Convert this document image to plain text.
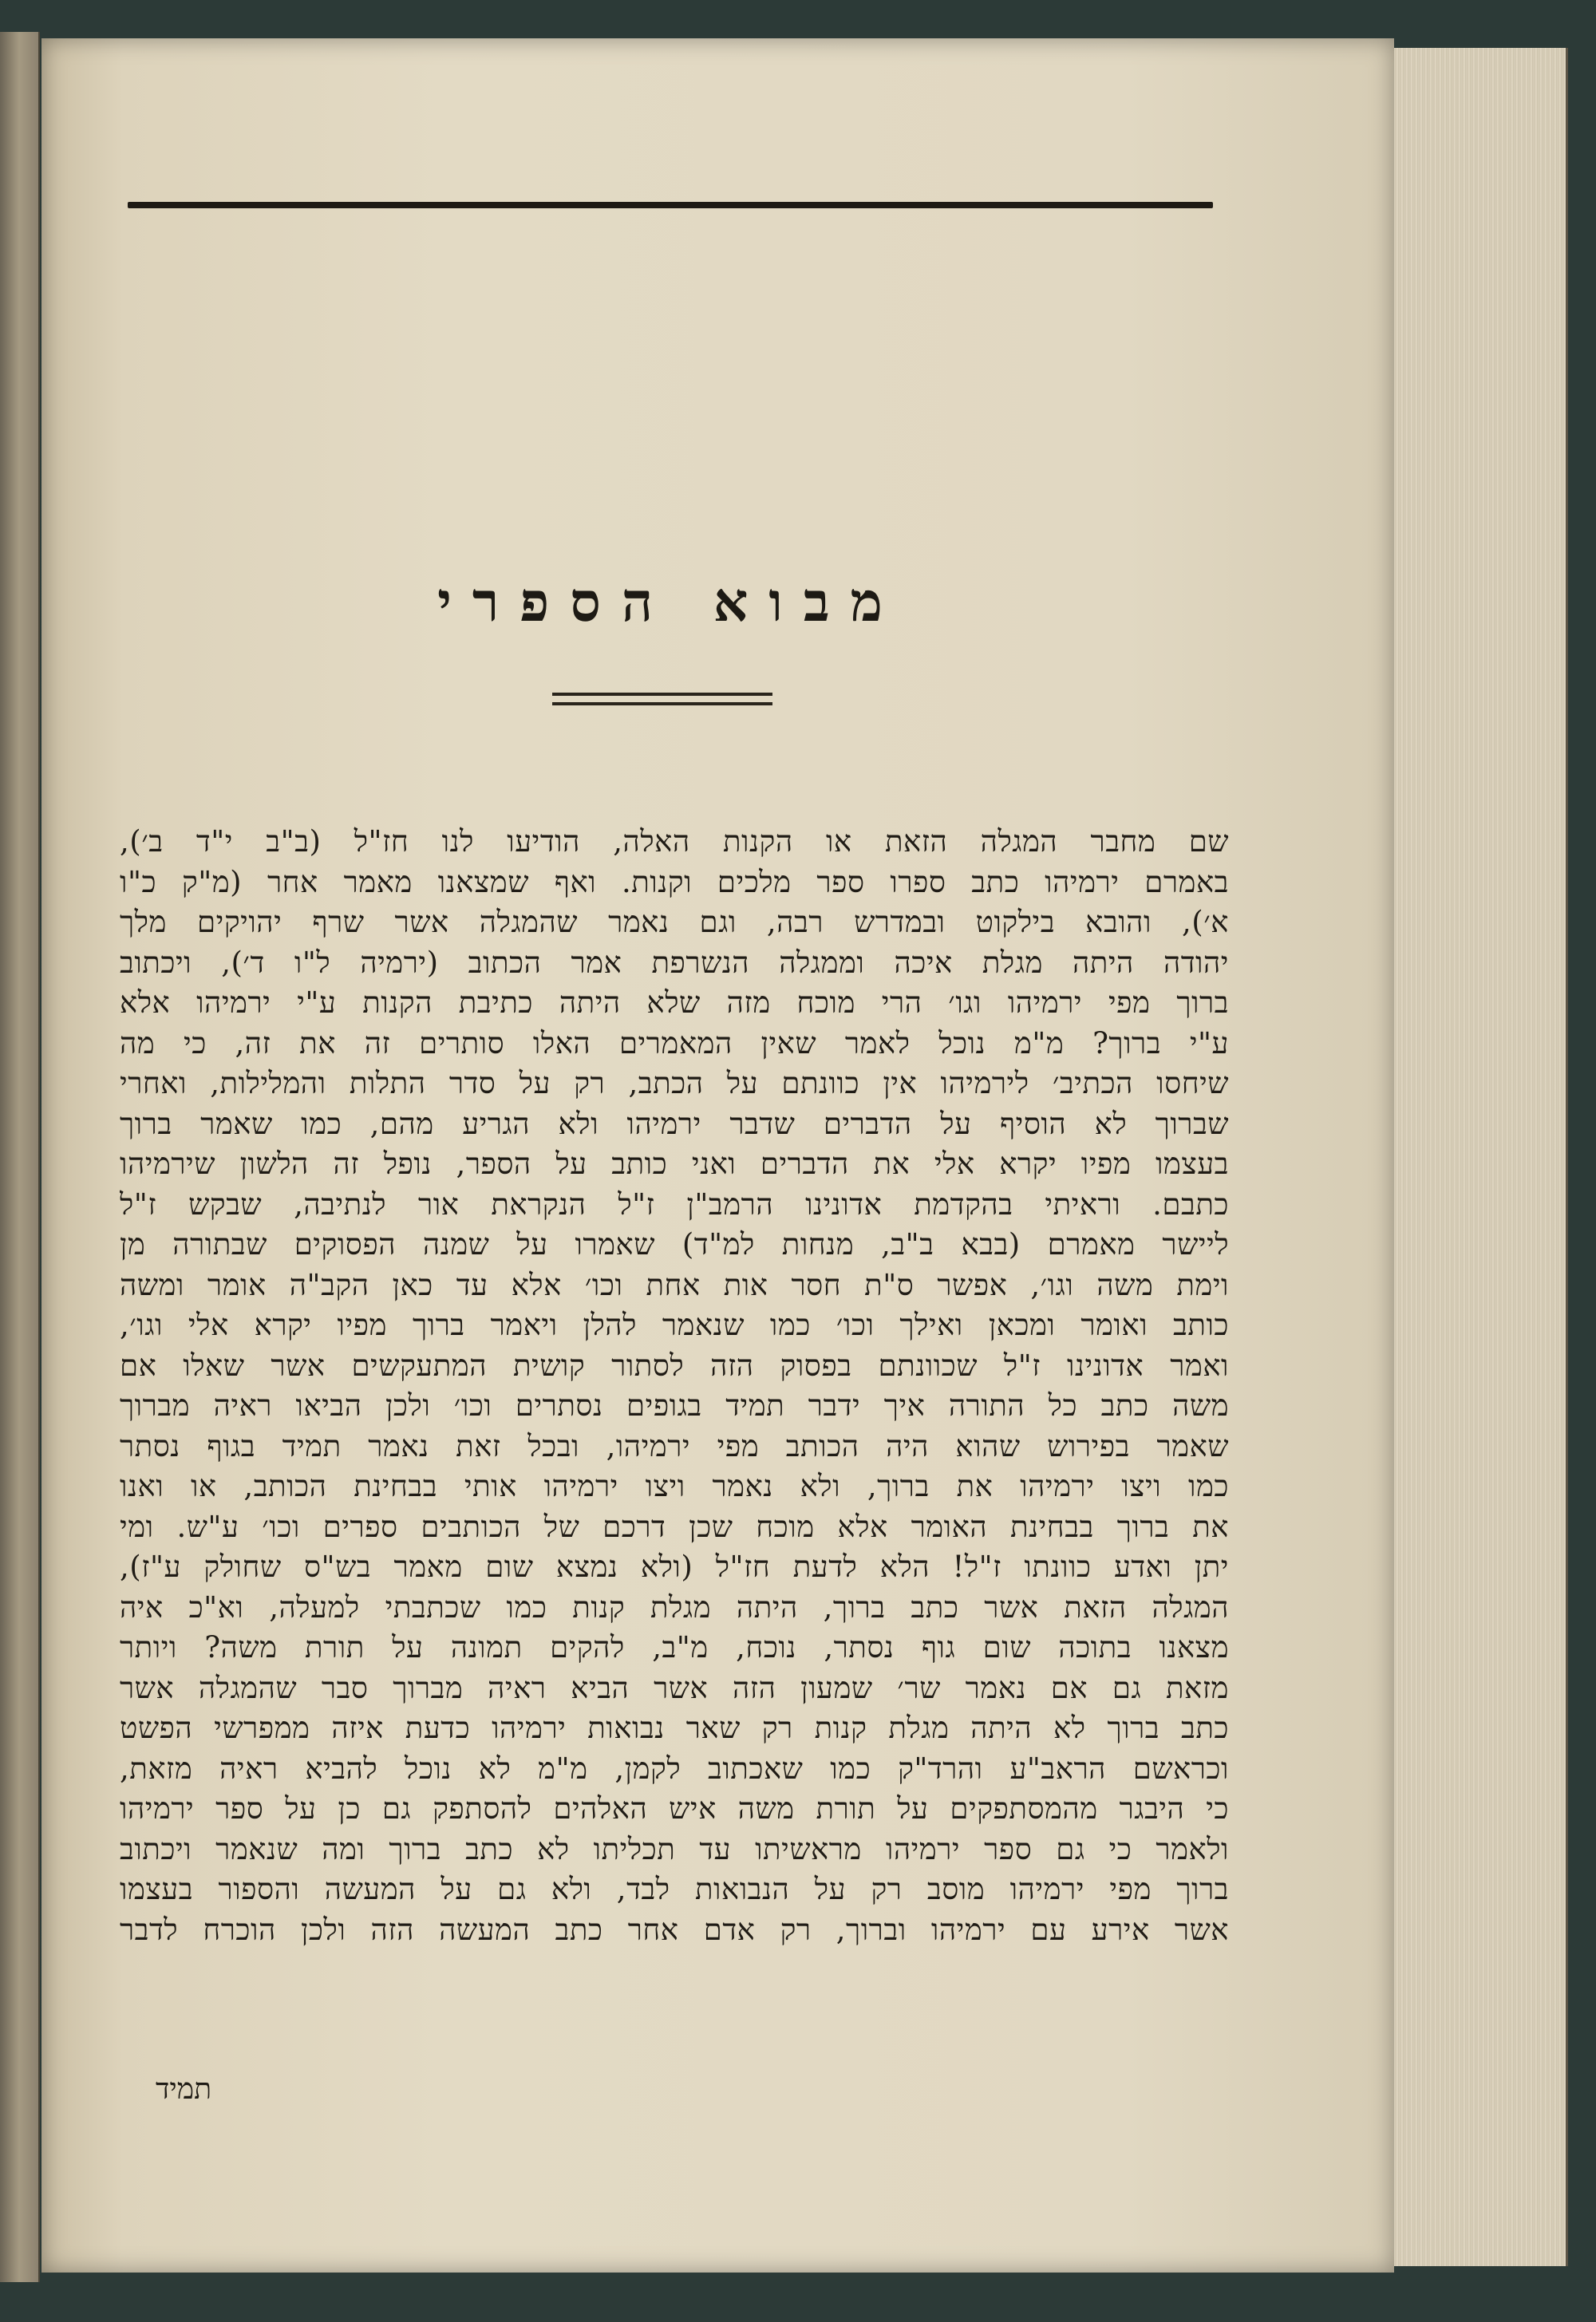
מבוא הספרי
שם מחבר המגלה הזאת או הקנות האלה, הודיעו לנו חז"ל (ב"ב י"ד ב׳),
באמרם ירמיהו כתב ספרו ספר מלכים וקנות. ואף שמצאנו מאמר אחר (מ"ק כ"ו
א׳), והובא בילקוט ובמדרש רבה, וגם נאמר שהמגלה אשר שרף יהויקים מלך
יהודה היתה מגלת איכה וממגלה הנשרפת אמר הכתוב (ירמיה ל"ו ד׳), ויכתוב
ברוך מפי ירמיהו וגו׳ הרי מוכח מזה שלא היתה כתיבת הקנות ע"י ירמיהו אלא
ע"י ברוך? מ"מ נוכל לאמר שאין המאמרים האלו סותרים זה את זה, כי מה
שיחסו הכתיב׳ לירמיהו אין כוונתם על הכתב, רק על סדר התלות והמלילות, ואחרי
שברוך לא הוסיף על הדברים שדבר ירמיהו ולא הגריע מהם, כמו שאמר ברוך
בעצמו מפיו יקרא אלי את הדברים ואני כותב על הספר, נופל זה הלשון שירמיהו
כתבם. וראיתי בהקדמת אדונינו הרמב"ן ז"ל הנקראת אור לנתיבה, שבקש ז"ל
ליישר מאמרם (בבא ב"ב, מנחות למ"ד) שאמרו על שמנה הפסוקים שבתורה מן
וימת משה וגו׳, אפשר ס"ת חסר אות אחת וכו׳ אלא עד כאן הקב"ה אומר ומשה
כותב ואומר ומכאן ואילך וכו׳ כמו שנאמר להלן ויאמר ברוך מפיו יקרא אלי וגו׳,
ואמר אדונינו ז"ל שכוונתם בפסוק הזה לסתור קושית המתעקשים אשר שאלו אם
משה כתב כל התורה איך ידבר תמיד בגופים נסתרים וכו׳ ולכן הביאו ראיה מברוך
שאמר בפירוש שהוא היה הכותב מפי ירמיהו, ובכל זאת נאמר תמיד בגוף נסתר
כמו ויצו ירמיהו את ברוך, ולא נאמר ויצו ירמיהו אותי בבחינת הכותב, או ואנו
את ברוך בבחינת האומר אלא מוכח שכן דרכם של הכותבים ספרים וכו׳ ע"ש. ומי
יתן ואדע כוונתו ז"ל! הלא לדעת חז"ל (ולא נמצא שום מאמר בש"ס שחולק ע"ז),
המגלה הזאת אשר כתב ברוך, היתה מגלת קנות כמו שכתבתי למעלה, וא"כ איה
מצאנו בתוכה שום גוף נסתר, נוכח, מ"ב, להקים תמונה על תורת משה? ויותר
מזאת גם אם נאמר שר׳ שמעון הזה אשר הביא ראיה מברוך סבר שהמגלה אשר
כתב ברוך לא היתה מגלת קנות רק שאר נבואות ירמיהו כדעת איזה ממפרשי הפשט
וכראשם הראב"ע והרד"ק כמו שאכתוב לקמן, מ"מ לא נוכל להביא ראיה מזאת,
כי היבגר מהמסתפקים על תורת משה איש האלהים להסתפק גם כן על ספר ירמיהו
ולאמר כי גם ספר ירמיהו מראשיתו עד תכליתו לא כתב ברוך ומה שנאמר ויכתוב
ברוך מפי ירמיהו מוסב רק על הנבואות לבד, ולא גם על המעשה והספור בעצמו
אשר אירע עם ירמיהו וברוך, רק אדם אחר כתב המעשה הזה ולכן הוכרח לדבר
תמיד
